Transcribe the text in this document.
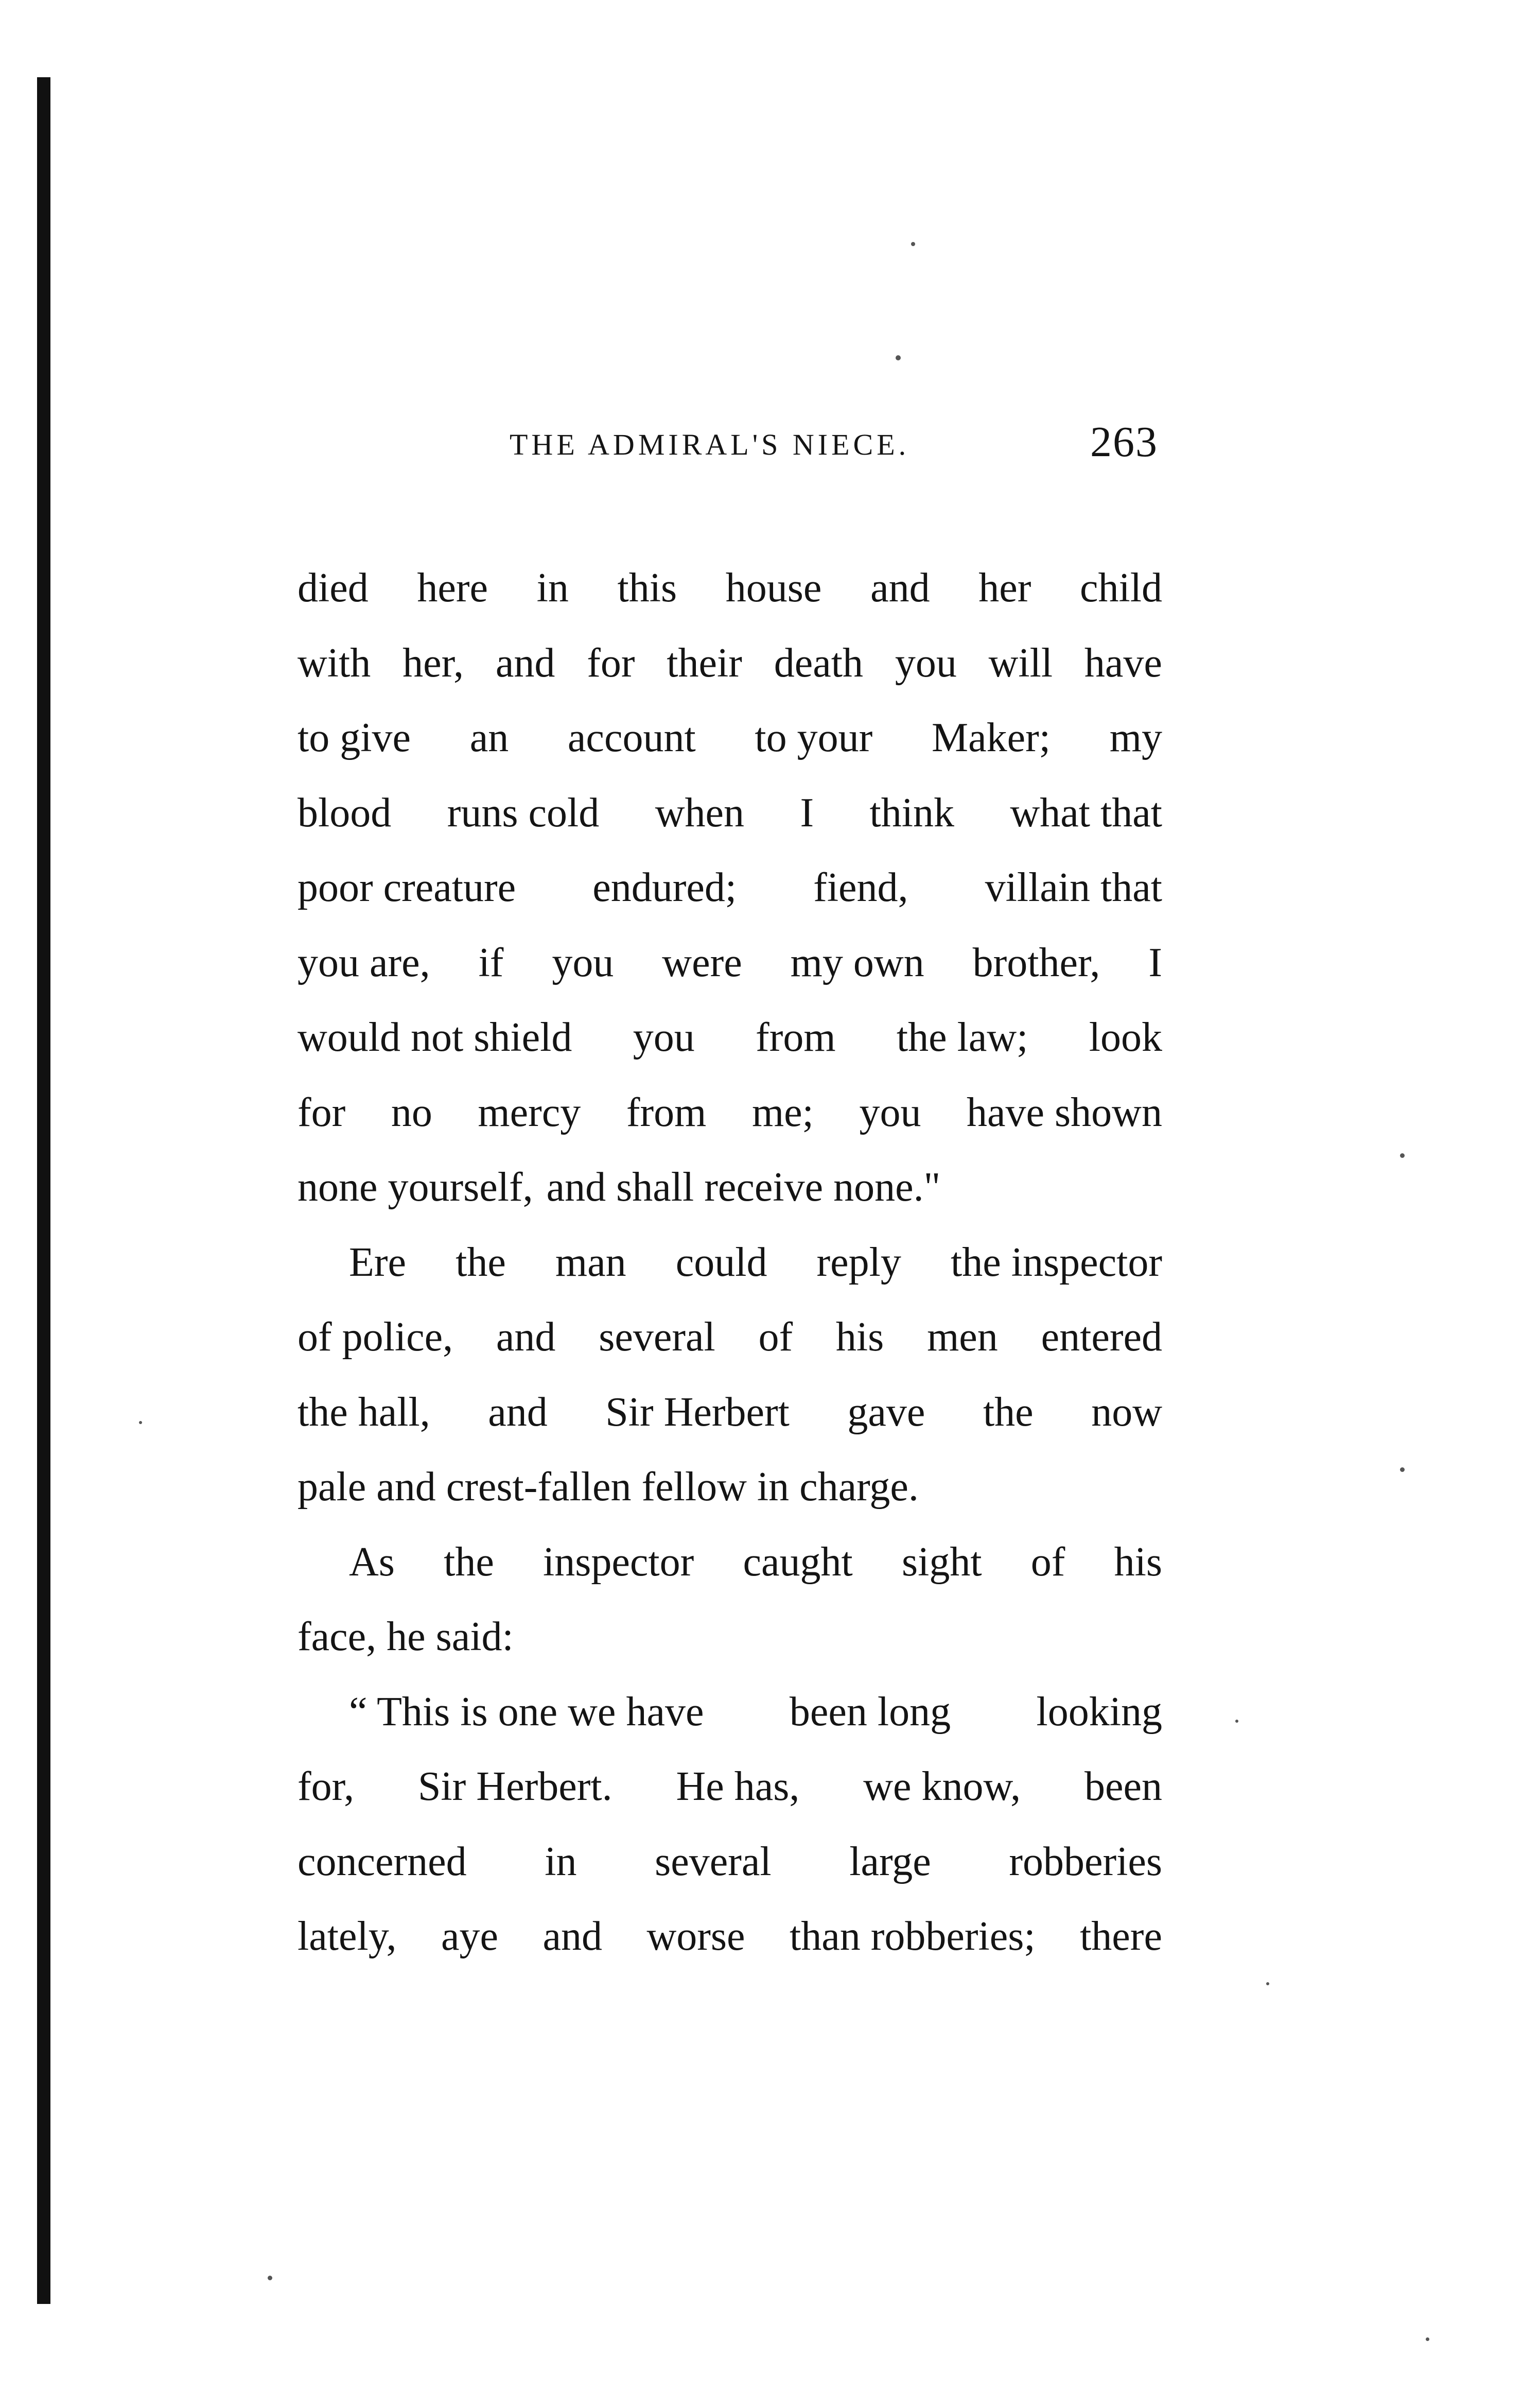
THE ADMIRAL'S NIECE.	263
died here in this house and her child
with her, and for their death you will have
to give an account to your Maker; my
blood runs cold when I think what that
poor creature endured; fiend, villain that
you are, if you were my own brother, I
would not shield you from the law; look
for no mercy from me; you have shown
none yourself, and shall receive none."
Ere the man could reply the inspector
of police, and several of his men entered
the hall, and Sir Herbert gave the now
pale and crest-fallen fellow in charge.
As the inspector caught sight of his
face, he said:
“ This is one we have been long looking
for, Sir Herbert. He has, we know, been
concerned in several large robberies
lately, aye and worse than robberies; there
